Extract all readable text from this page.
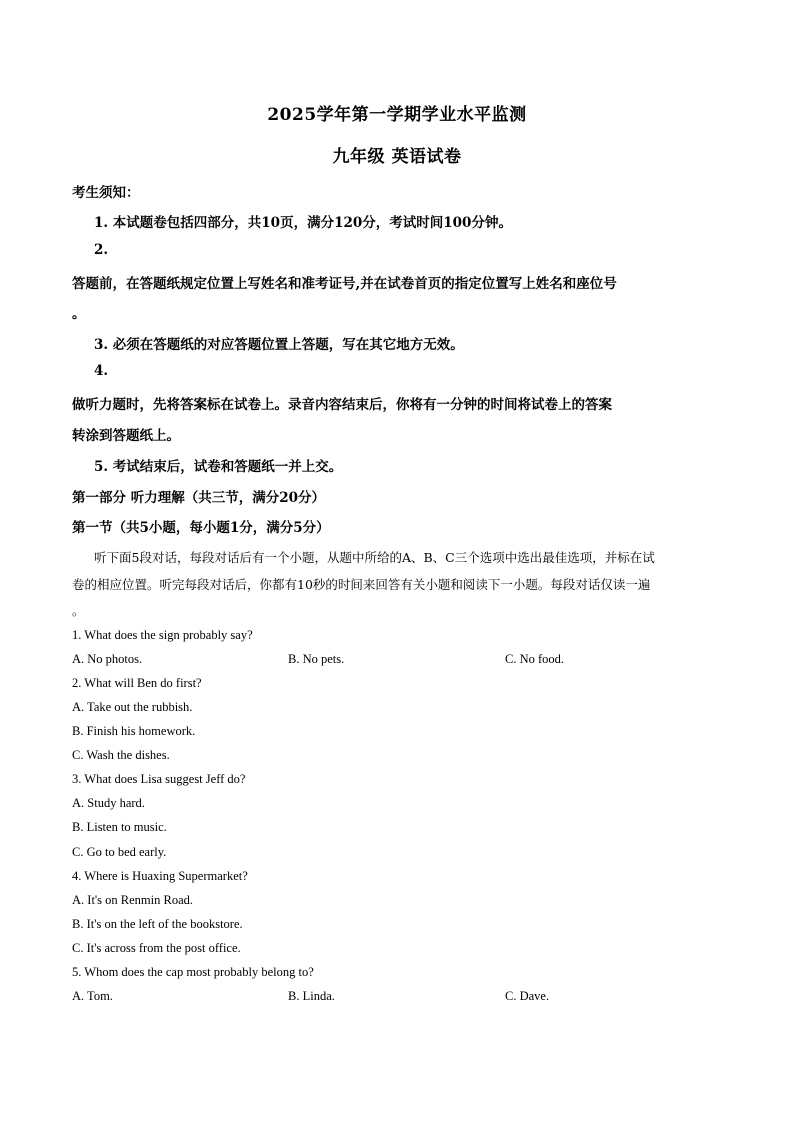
2025学年第一学期学业水平监测
九年级 英语试卷
考生须知：
1. 本试题卷包括四部分，共10页，满分120分，考试时间100分钟。
2.
答题前，在答题纸规定位置上写姓名和准考证号,并在试卷首页的指定位置写上姓名和座位号
。
3. 必须在答题纸的对应答题位置上答题，写在其它地方无效。
4.
做听力题时，先将答案标在试卷上。录音内容结束后，你将有一分钟的时间将试卷上的答案
转涂到答题纸上。
5. 考试结束后，试卷和答题纸一并上交。
第一部分 听力理解（共三节，满分20分）
第一节（共5小题，每小题1分，满分5分）
听下面5段对话，每段对话后有一个小题，从题中所给的A、B、C三个选项中选出最佳选项，并标在试
卷的相应位置。听完每段对话后，你都有10秒的时间来回答有关小题和阅读下一小题。每段对话仅读一遍
。
1. What does the sign probably say?
A. No photos.	B. No pets.	C. No food.
2. What will Ben do first?
A. Take out the rubbish.
B. Finish his homework.
C. Wash the dishes.
3. What does Lisa suggest Jeff do?
A. Study hard.
B. Listen to music.
C. Go to bed early.
4. Where is Huaxing Supermarket?
A. It's on Renmin Road.
B. It's on the left of the bookstore.
C. It's across from the post office.
5. Whom does the cap most probably belong to?
A. Tom.	B. Linda.	C. Dave.
